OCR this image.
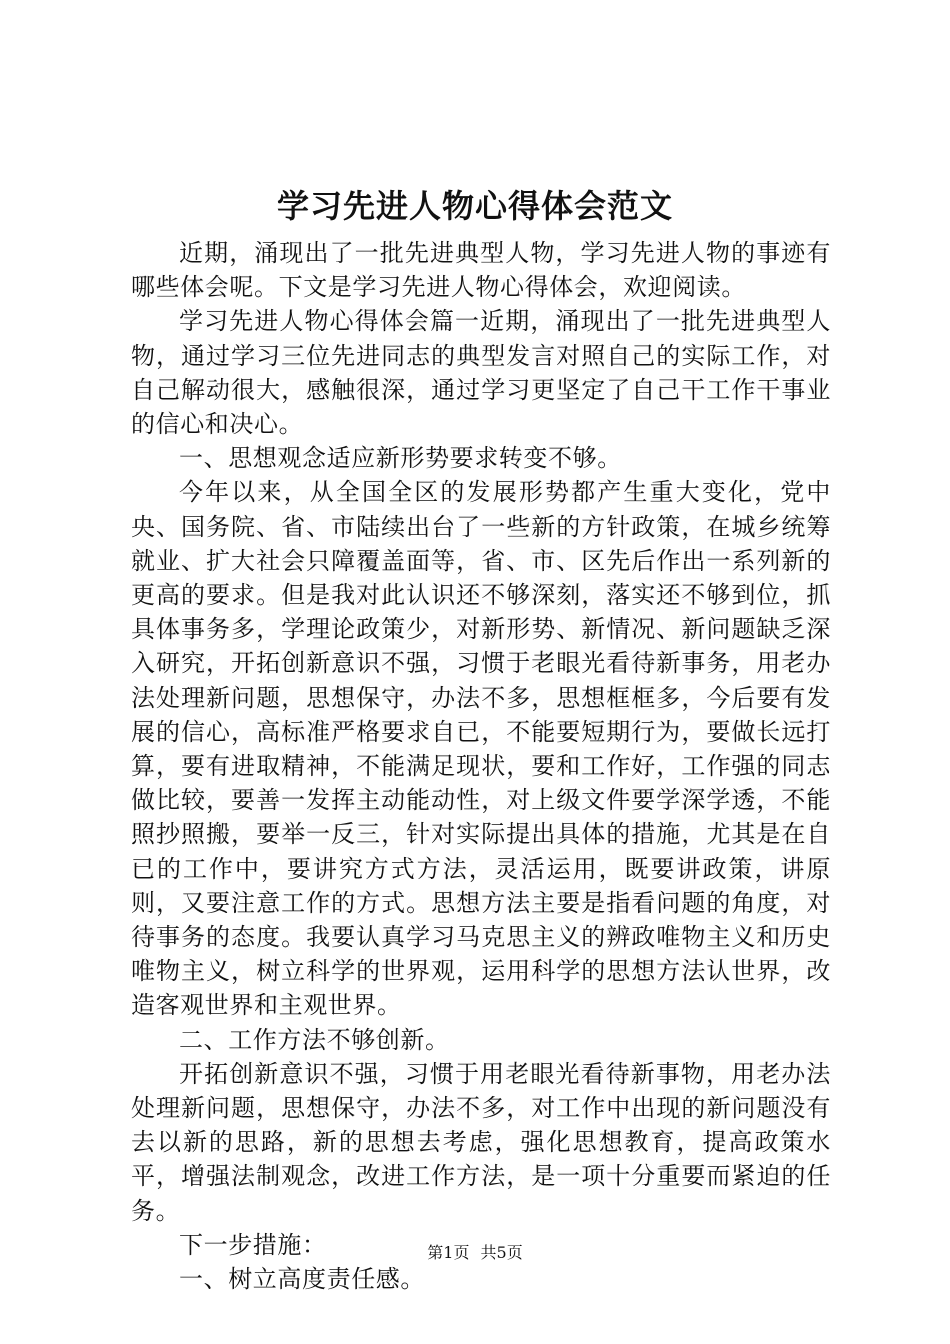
学习先进人物心得体会范文

近期，涌现出了一批先进典型人物，学习先进人物的事迹有哪些体会呢。下文是学习先进人物心得体会，欢迎阅读。

学习先进人物心得体会篇一近期，涌现出了一批先进典型人物，通过学习三位先进同志的典型发言对照自己的实际工作，对自己解动很大，感触很深，通过学习更坚定了自己干工作干事业的信心和决心。

一、思想观念适应新形势要求转变不够。

今年以来，从全国全区的发展形势都产生重大变化，党中央、国务院、省、市陆续出台了一些新的方针政策，在城乡统筹就业、扩大社会只障覆盖面等，省、市、区先后作出一系列新的更高的要求。但是我对此认识还不够深刻，落实还不够到位，抓具体事务多，学理论政策少，对新形势、新情况、新问题缺乏深入研究，开拓创新意识不强，习惯于老眼光看待新事务，用老办法处理新问题，思想保守，办法不多，思想框框多，今后要有发展的信心，高标准严格要求自已，不能要短期行为，要做长远打算，要有进取精神，不能满足现状，要和工作好，工作强的同志做比较，要善一发挥主动能动性，对上级文件要学深学透，不能照抄照搬，要举一反三，针对实际提出具体的措施，尤其是在自已的工作中，要讲究方式方法，灵活运用，既要讲政策，讲原则，又要注意工作的方式。思想方法主要是指看问题的角度，对待事务的态度。我要认真学习马克思主义的辨政唯物主义和历史唯物主义，树立科学的世界观，运用科学的思想方法认世界，改造客观世界和主观世界。

二、工作方法不够创新。

开拓创新意识不强，习惯于用老眼光看待新事物，用老办法处理新问题，思想保守，办法不多，对工作中出现的新问题没有去以新的思路，新的思想去考虑，强化思想教育，提高政策水平，增强法制观念，改进工作方法，是一项十分重要而紧迫的任务。

下一步措施：

一、树立高度责任感。

第1页 共5页
